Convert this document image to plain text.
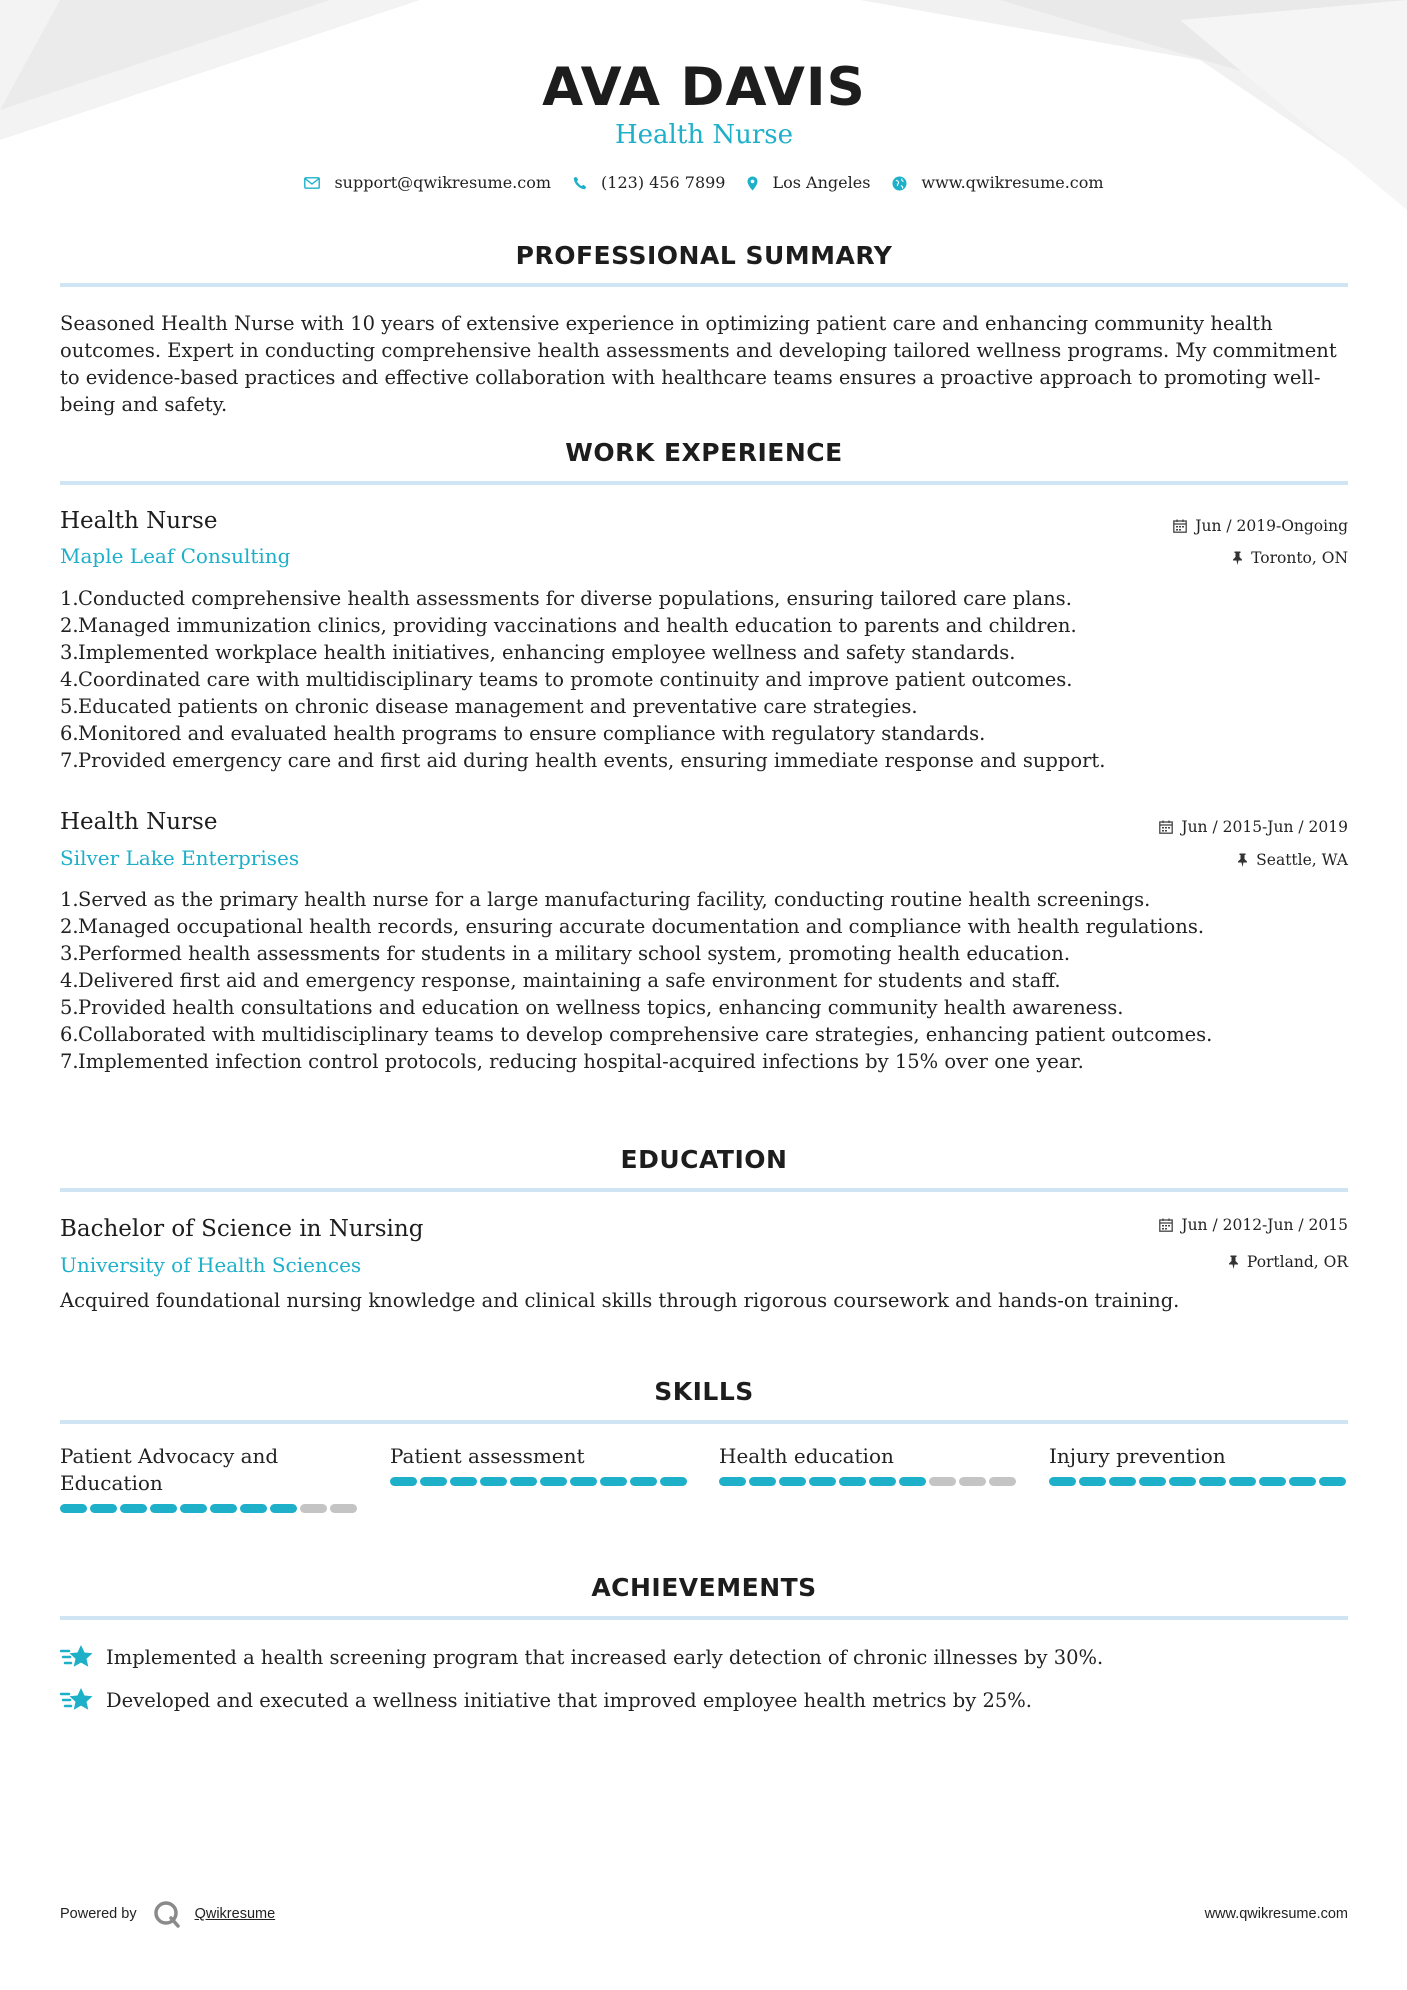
AVA DAVIS
Health Nurse
support@qwikresume.com	(123) 456 7899	Los Angeles	www.qwikresume.com
PROFESSIONAL SUMMARY
Seasoned Health Nurse with 10 years of extensive experience in optimizing patient care and enhancing community health outcomes. Expert in conducting comprehensive health assessments and developing tailored wellness programs. My commitment to evidence-based practices and effective collaboration with healthcare teams ensures a proactive approach to promoting well-being and safety.
WORK EXPERIENCE
Health Nurse
Maple Leaf Consulting
Jun / 2019-Ongoing
Toronto, ON
1. Conducted comprehensive health assessments for diverse populations, ensuring tailored care plans.
2. Managed immunization clinics, providing vaccinations and health education to parents and children.
3. Implemented workplace health initiatives, enhancing employee wellness and safety standards.
4. Coordinated care with multidisciplinary teams to promote continuity and improve patient outcomes.
5. Educated patients on chronic disease management and preventative care strategies.
6. Monitored and evaluated health programs to ensure compliance with regulatory standards.
7. Provided emergency care and first aid during health events, ensuring immediate response and support.
Health Nurse
Silver Lake Enterprises
Jun / 2015-Jun / 2019
Seattle, WA
1. Served as the primary health nurse for a large manufacturing facility, conducting routine health screenings.
2. Managed occupational health records, ensuring accurate documentation and compliance with health regulations.
3. Performed health assessments for students in a military school system, promoting health education.
4. Delivered first aid and emergency response, maintaining a safe environment for students and staff.
5. Provided health consultations and education on wellness topics, enhancing community health awareness.
6. Collaborated with multidisciplinary teams to develop comprehensive care strategies, enhancing patient outcomes.
7. Implemented infection control protocols, reducing hospital-acquired infections by 15% over one year.
EDUCATION
Bachelor of Science in Nursing
University of Health Sciences
Jun / 2012-Jun / 2015
Portland, OR
Acquired foundational nursing knowledge and clinical skills through rigorous coursework and hands-on training.
SKILLS
Patient Advocacy and Education
Patient assessment	Health education	Injury prevention
ACHIEVEMENTS
Implemented a health screening program that increased early detection of chronic illnesses by 30%.
Developed and executed a wellness initiative that improved employee health metrics by 25%.
Powered by	Qwikresume	www.qwikresume.com
